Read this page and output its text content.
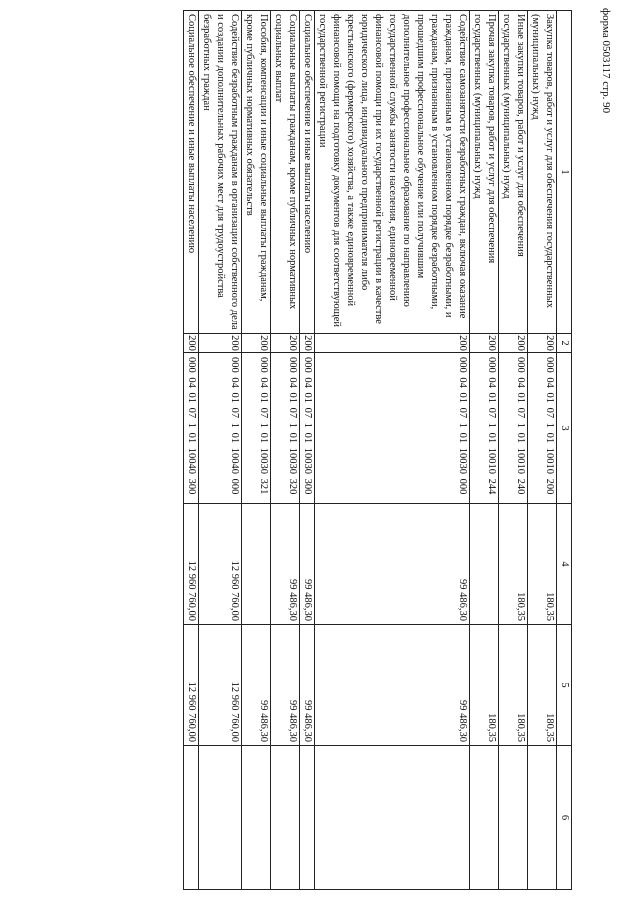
форма 0503117 стр. 90
1	2	3	4	5	6
Закупка товаров, работ и услуг для обеспечения государственных (муниципальных) нужд	200	000 04 01 07 1 01 10010 200	180,35	180,35	
Иные закупки товаров, работ и услуг для обеспечения государственных (муниципальных) нужд	200	000 04 01 07 1 01 10010 240	180,35	180,35	
Прочая закупка товаров, работ и услуг для обеспечения государственных (муниципальных) нужд	200	000 04 01 07 1 01 10010 244		180,35	
Содействие самозанятости безработных граждан, включая оказание гражданам, признанным в установленном порядке безработными, и гражданам, признанным в установленном порядке безработными, прошедшим профессиональное обучение или получившим дополнительное профессиональное образование по направлению государственной службы занятости населения, единовременной финансовой помощи при их государственной регистрации в качестве юридического лица, индивидуального предпринимателя либо крестьянского (фермерского) хозяйства, а также единовременной финансовой помощи на подготовку документов для соответствующей государственной регистрации	200	000 04 01 07 1 01 10030 000	99 486,30	99 486,30	
Социальное обеспечение и иные выплаты населению	200	000 04 01 07 1 01 10030 300	99 486,30	99 486,30	
Социальные выплаты гражданам, кроме публичных нормативных социальных выплат	200	000 04 01 07 1 01 10030 320	99 486,30	99 486,30	
Пособия, компенсации и иные социальные выплаты гражданам, кроме публичных нормативных обязательств	200	000 04 01 07 1 01 10030 321		99 486,30	
Содействие безработным гражданам в организации собственного дела и создании дополнительных рабочих мест для трудоустройства безработных граждан	200	000 04 01 07 1 01 10040 000	12 960 760,00	12 960 760,00	
Социальное обеспечение и иные выплаты населению	200	000 04 01 07 1 01 10040 300	12 960 760,00	12 960 760,00	
